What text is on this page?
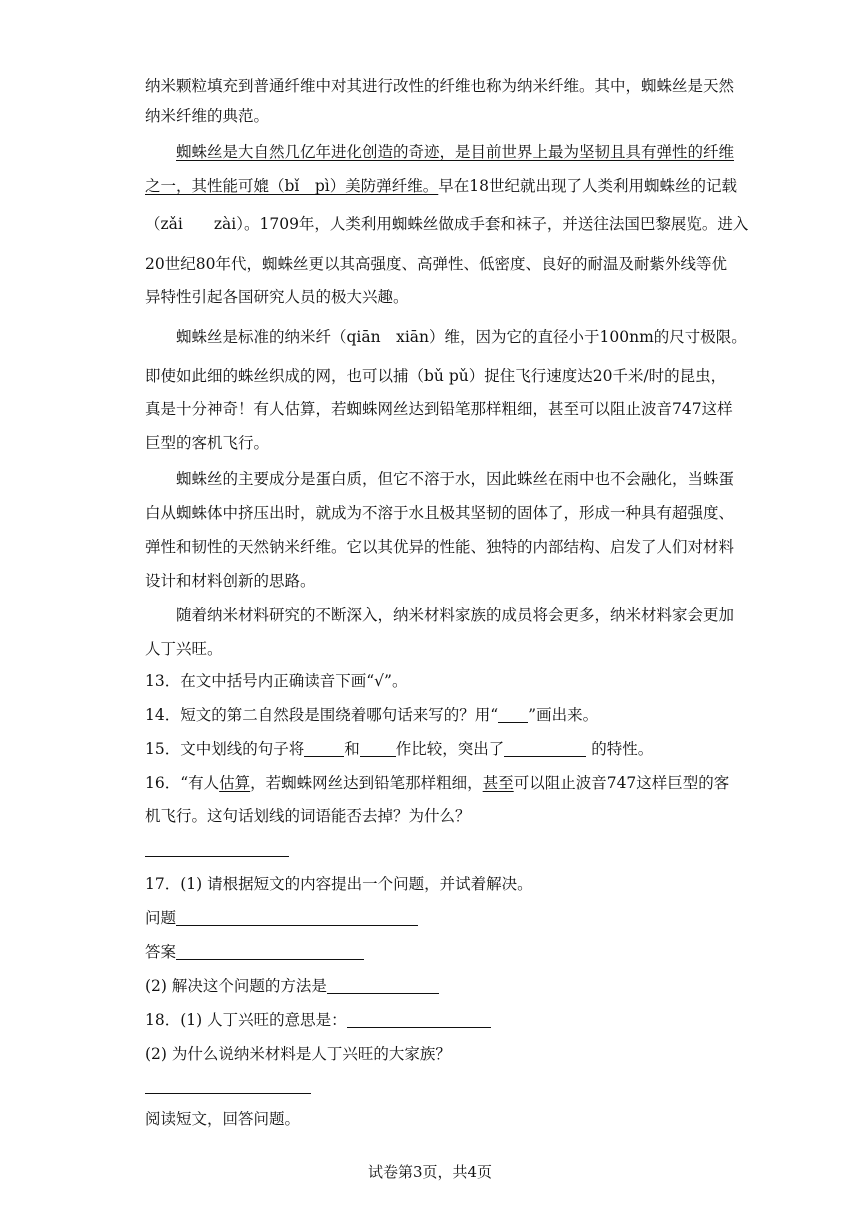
纳米颗粒填充到普通纤维中对其进行改性的纤维也称为纳米纤维。其中，蜘蛛丝是天然
纳米纤维的典范。
蜘蛛丝是大自然几亿年进化创造的奇迹，是目前世界上最为坚韧且具有弹性的纤维
之一，其性能可媲（bǐ　pì）美防弹纤维。早在18世纪就出现了人类利用蜘蛛丝的记载
（zǎi　　zài）。1709年，人类利用蜘蛛丝做成手套和袜子，并送往法国巴黎展览。进入
20世纪80年代，蜘蛛丝更以其高强度、高弹性、低密度、良好的耐温及耐紫外线等优
异特性引起各国研究人员的极大兴趣。
蜘蛛丝是标准的纳米纤（qiān　xiān）维，因为它的直径小于100nm的尺寸极限。
即使如此细的蛛丝织成的网，也可以捕（bǔ pǔ）捉住飞行速度达20千米/时的昆虫，
真是十分神奇！有人估算，若蜘蛛网丝达到铅笔那样粗细，甚至可以阻止波音747这样
巨型的客机飞行。
蜘蛛丝的主要成分是蛋白质，但它不溶于水，因此蛛丝在雨中也不会融化，当蛛蛋
白从蜘蛛体中挤压出时，就成为不溶于水且极其坚韧的固体了，形成一种具有超强度、
弹性和韧性的天然钠米纤维。它以其优异的性能、独特的内部结构、启发了人们对材料
设计和材料创新的思路。
随着纳米材料研究的不断深入，纳米材料家族的成员将会更多，纳米材料家会更加
人丁兴旺。
13．在文中括号内正确读音下画“√”。
14．短文的第二自然段是围绕着哪句话来写的？用“ ”画出来。
15．文中划线的句子将	和 作比较，突出了	的特性。
16．“有人估算，若蜘蛛网丝达到铅笔那样粗细，甚至可以阻止波音747这样巨型的客
机飞行。这句话划线的词语能否去掉？为什么？
17．(1) 请根据短文的内容提出一个问题，并试着解决。
问题
答案
(2) 解决这个问题的方法是
18．(1) 人丁兴旺的意思是：
(2) 为什么说纳米材料是人丁兴旺的大家族？
阅读短文，回答问题。
试卷第3页，共4页
